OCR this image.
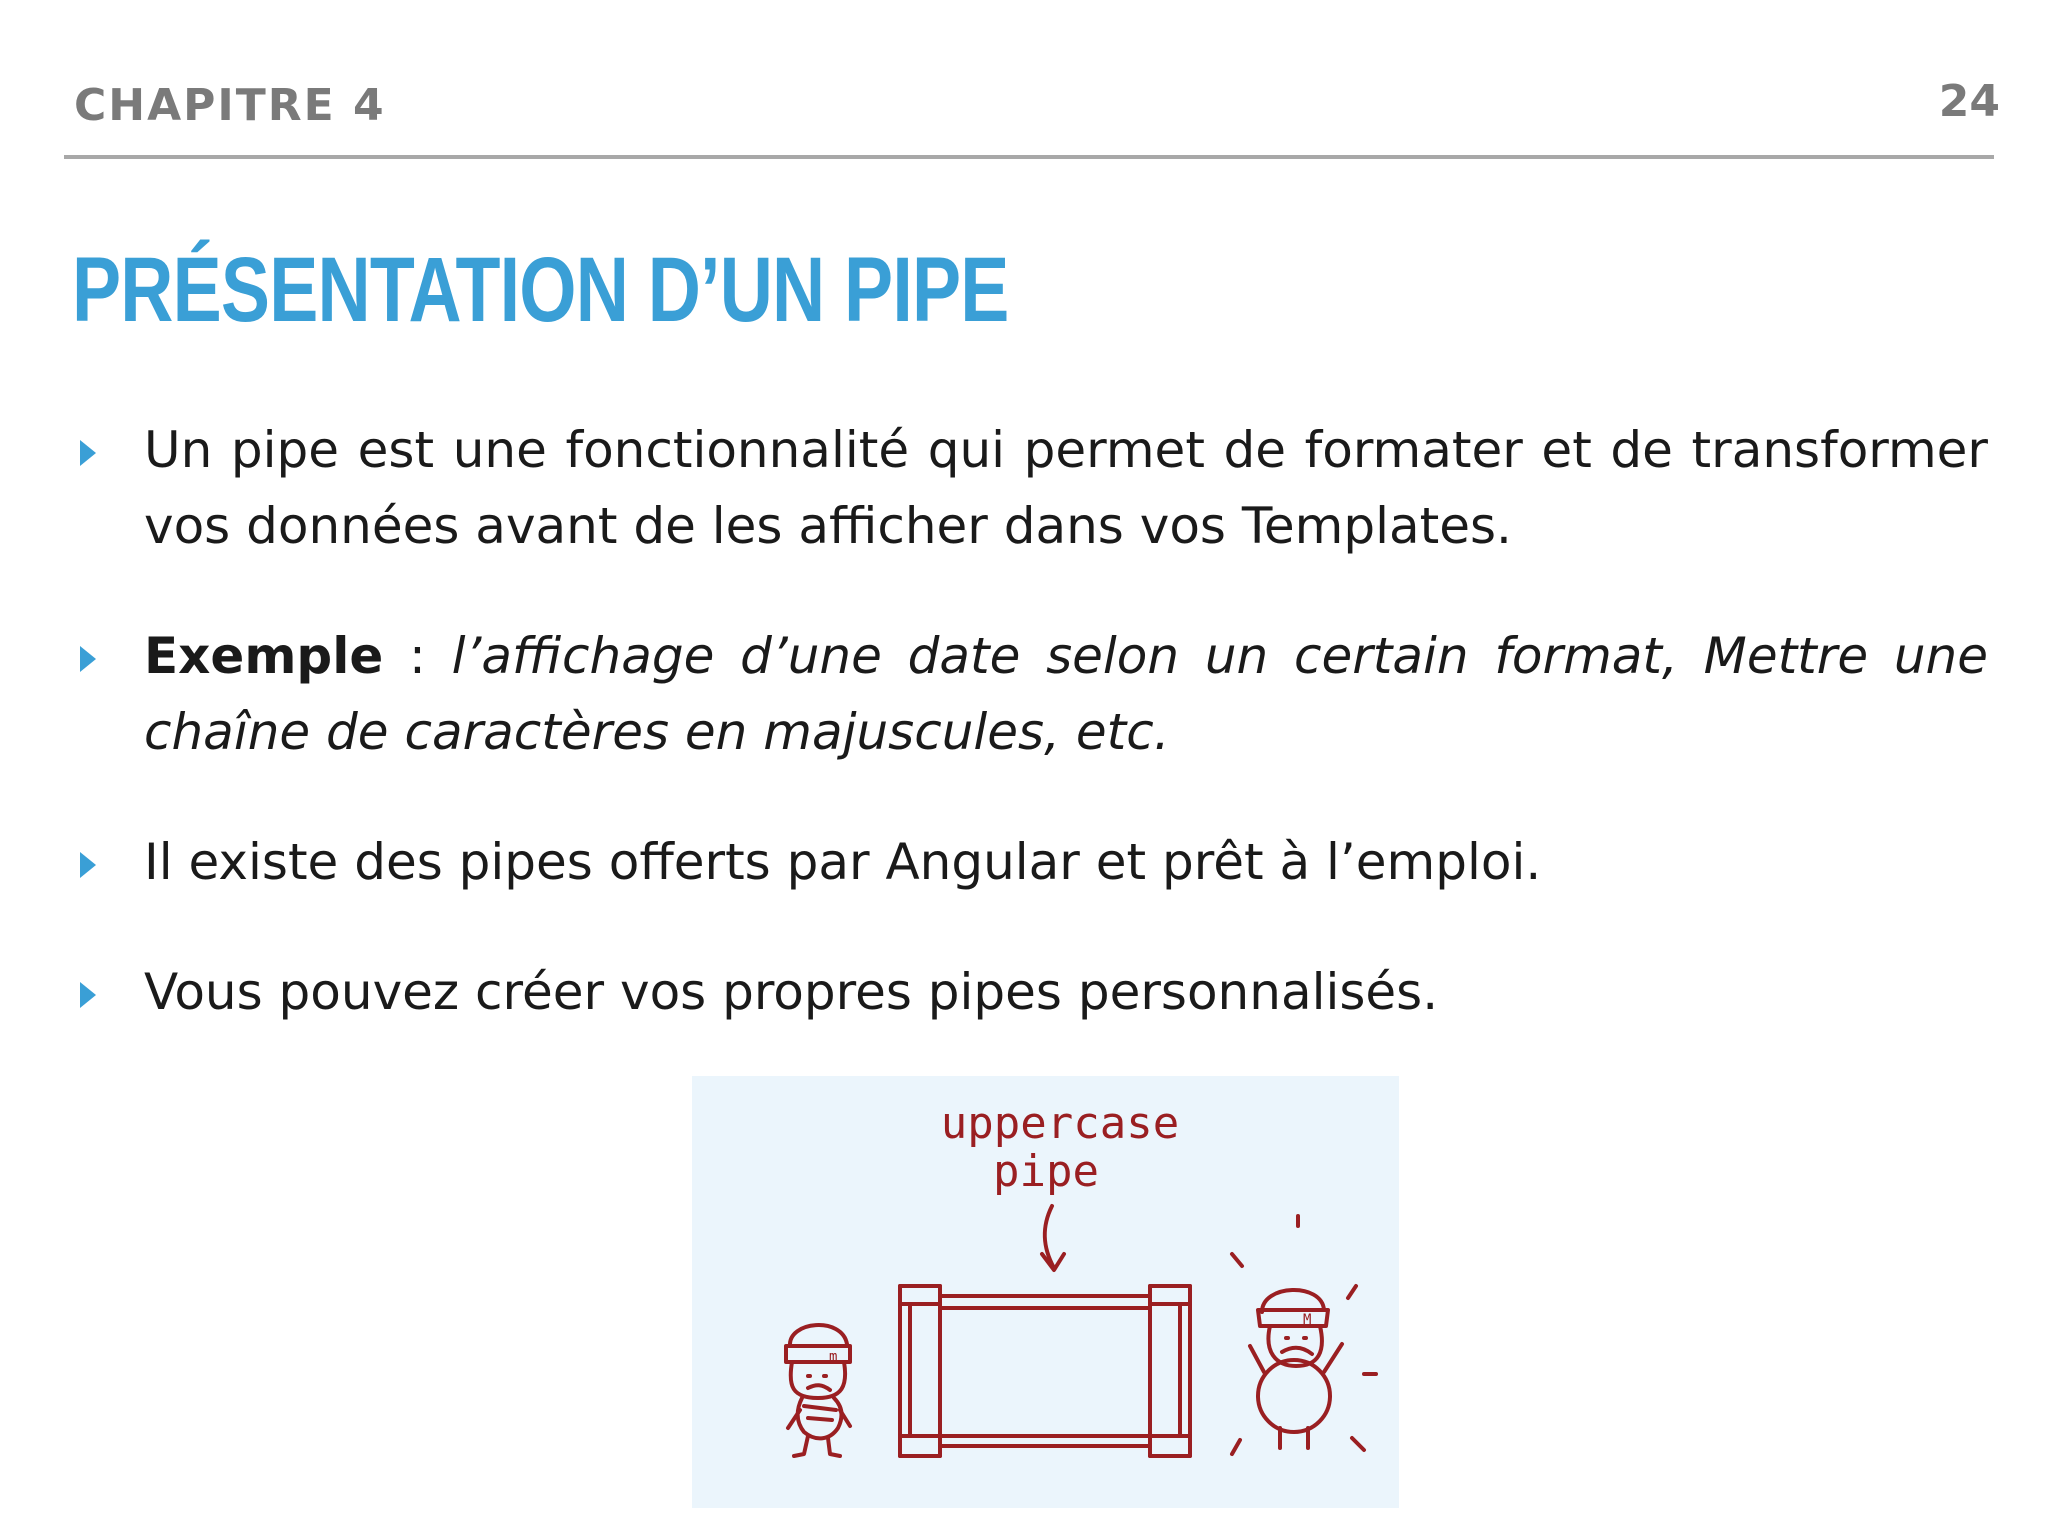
CHAPITRE 4	24
PRÉSENTATION D’UN PIPE
Un pipe est une fonctionnalité qui permet de formater et de transformer vos données avant de les afficher dans vos Templates.
Exemple : l’affichage d’une date selon un certain format, Mettre une chaîne de caractères en majuscules, etc.
Il existe des pipes offerts par Angular et prêt à l’emploi.
Vous pouvez créer vos propres pipes personnalisés.
uppercase
pipe
m
M
